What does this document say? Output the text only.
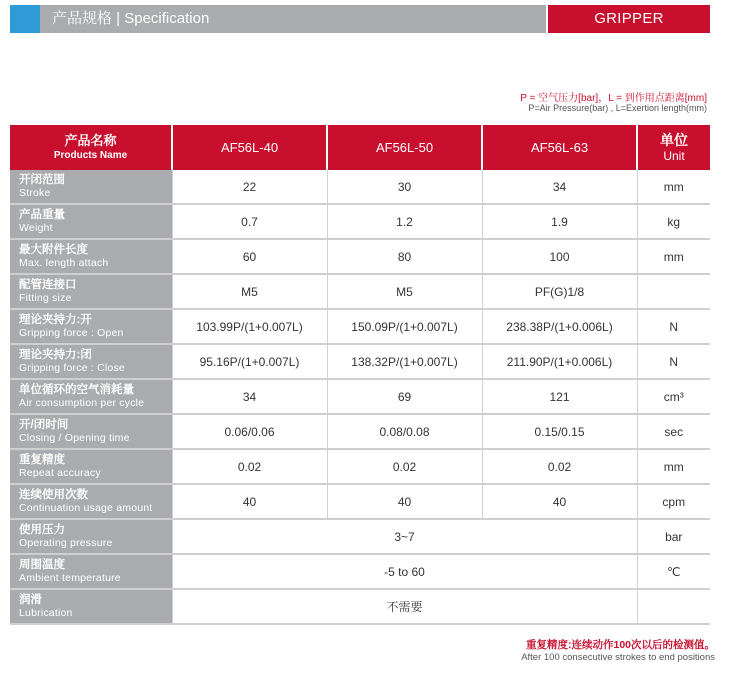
产品规格 | Specification	GRIPPER
P = 空气压力[bar]，L = 到作用点距离[mm]
P=Air Pressure(bar) , L=Exertion length(mm)
产品名称
Products Name	AF56L-40	AF56L-50	AF56L-63	单位
Unit

开闭范围
Stroke	22	30	34	mm

产品重量
Weight	0.7	1.2	1.9	kg

最大附件长度
Max. length attach	60	80	100	mm

配管连接口
Fitting size	M5	M5	PF(G)1/8	

理论夹持力:开
Gripping force : Open	103.99P/(1+0.007L)	150.09P/(1+0.007L)	238.38P/(1+0.006L)	N

理论夹持力:闭
Gripping force : Close	95.16P/(1+0.007L)	138.32P/(1+0.007L)	211.90P/(1+0.006L)	N

单位循环的空气消耗量
Air consumption per cycle	34	69	121	cm³

开/闭时间
Closing / Opening time	0.06/0.06	0.08/0.08	0.15/0.15	sec

重复精度
Repeat accuracy	0.02	0.02	0.02	mm

连续使用次数
Continuation usage amount	40	40	40	cpm

使用压力
Operating pressure	3~7			bar

周围温度
Ambient temperature	-5 to 60			℃

润滑
Lubrication	不需要			
重复精度:连续动作100次以后的检测值。
After 100 consecutive strokes to end positions
